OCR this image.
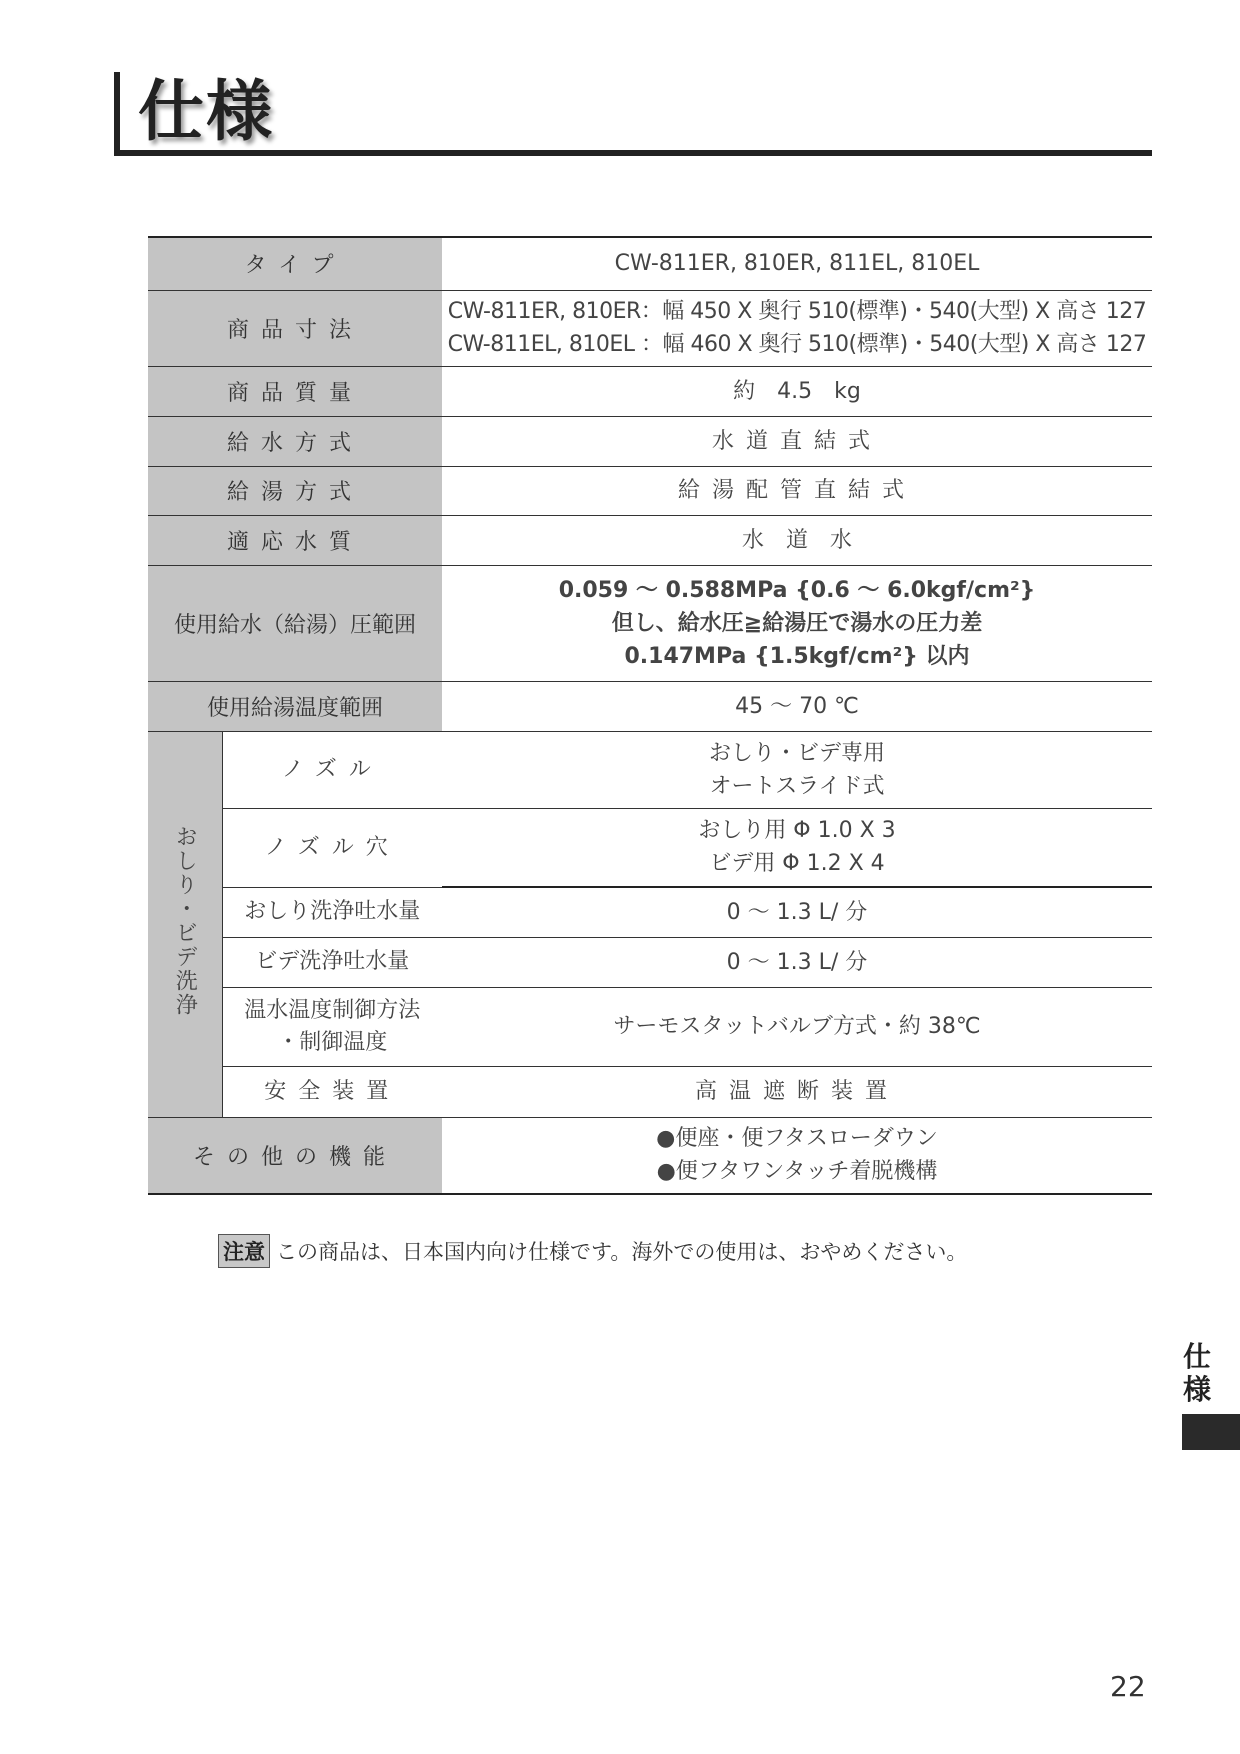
仕様
タイプ		CW-811ER, 810ER, 811EL, 810EL
商品寸法		CW-811ER, 810ER：幅 450 X 奥行 510(標準)・540(大型) X 高さ 127
CW-811EL, 810EL ：幅 460 X 奥行 510(標準)・540(大型) X 高さ 127

商品質量		約　4.5　kg
給水方式		水道直結式
給湯方式		給湯配管直結式
適応水質		水　道　水
使用給水（給湯）圧範囲		0.059 ～ 0.588MPa {0.6 ～ 6.0kgf/cm²}
但し、給水圧≧給湯圧で湯水の圧力差
0.147MPa {1.5kgf/cm²} 以内

使用給湯温度範囲		45 ～ 70 ℃
おしり・ビデ洗浄	ノズル	おしり・ビデ専用
オートスライド式

	ノズル穴	おしり用 Φ 1.0 X 3
ビデ用 Φ 1.2 X 4

	おしり洗浄吐水量	0 ～ 1.3 L/ 分
	ビデ洗浄吐水量	0 ～ 1.3 L/ 分

	温水温度制御方法
・制御温度	サーモスタットバルブ方式・約 38℃
	安全装置	高温遮断装置
その他の機能		●便座・便フタスローダウン
●便フタワンタッチ着脱機構
注意 この商品は、日本国内向け仕様です。海外での使用は、おやめください。
仕様
22
